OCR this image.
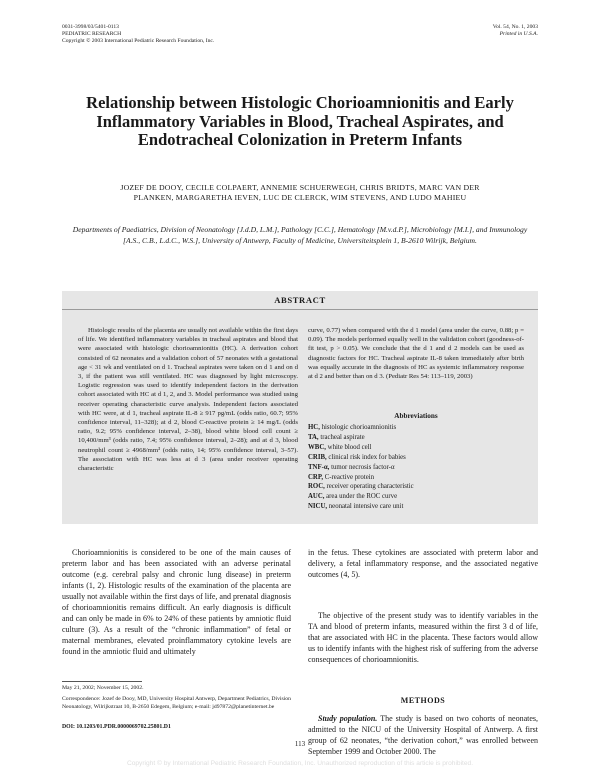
0031-3998/03/5401-0113
PEDIATRIC RESEARCH
Copyright © 2003 International Pediatric Research Foundation, Inc.
Vol. 54, No. 1, 2003
Printed in U.S.A.
Relationship between Histologic Chorioamnionitis and Early Inflammatory Variables in Blood, Tracheal Aspirates, and Endotracheal Colonization in Preterm Infants
JOZEF DE DOOY, CECILE COLPAERT, ANNEMIE SCHUERWEGH, CHRIS BRIDTS, MARC VAN DER PLANKEN, MARGARETHA IEVEN, LUC DE CLERCK, WIM STEVENS, AND LUDO MAHIEU
Departments of Paediatrics, Division of Neonatology [J.d.D, L.M.], Pathology [C.C.], Hematology [M.v.d.P.], Microbiology [M.I.], and Immunology [A.S., C.B., L.d.C., W.S.], University of Antwerp, Faculty of Medicine, Universiteitsplein 1, B-2610 Wilrijk, Belgium.
ABSTRACT
Histologic results of the placenta are usually not available within the first days of life. We identified inflammatory variables in tracheal aspirates and blood that were associated with histologic chorioamnionitis (HC). A derivation cohort consisted of 62 neonates and a validation cohort of 57 neonates with a gestational age < 31 wk and ventilated on d 1. Tracheal aspirates were taken on d 1 and on d 3, if the patient was still ventilated. HC was diagnosed by light microscopy. Logistic regression was used to identify independent factors in the derivation cohort associated with HC at d 1, 2, and 3. Model performance was studied using receiver operating characteristic curve analysis. Independent factors associated with HC were, at d 1, tracheal aspirate IL-8 ≥ 917 pg/mL (odds ratio, 60.7; 95% confidence interval, 11–328); at d 2, blood C-reactive protein ≥ 14 mg/L (odds ratio, 9.2; 95% confidence interval, 2–38), blood white blood cell count ≥ 10,400/mm³ (odds ratio, 7.4; 95% confidence interval, 2–28); and at d 3, blood neutrophil count ≥ 4968/mm³ (odds ratio, 14; 95% confidence interval, 3–57). The association with HC was less at d 3 (area under receiver operating characteristic
curve, 0.77) when compared with the d 1 model (area under the curve, 0.88; p = 0.09). The models performed equally well in the validation cohort (goodness-of-fit test, p > 0.05). We conclude that the d 1 and d 2 models can be used as diagnostic factors for HC. Tracheal aspirate IL-8 taken immediately after birth was equally accurate in the diagnosis of HC as systemic inflammatory response at d 2 and better than on d 3. (Pediatr Res 54: 113–119, 2003)
Abbreviations
HC, histologic chorioamnionitis
TA, tracheal aspirate
WBC, white blood cell
CRIB, clinical risk index for babies
TNF-α, tumor necrosis factor-α
CRP, C-reactive protein
ROC, receiver operating characteristic
AUC, area under the ROC curve
NICU, neonatal intensive care unit
Chorioamnionitis is considered to be one of the main causes of preterm labor and has been associated with an adverse perinatal outcome (e.g. cerebral palsy and chronic lung disease) in preterm infants (1, 2). Histologic results of the examination of the placenta are usually not available within the first days of life, and prenatal diagnosis of chorioamnionitis remains difficult. An early diagnosis is difficult and can only be made in 6% to 24% of these patients by amniotic fluid culture (3). As a result of the “chronic inflammation” of fetal or maternal membranes, elevated proinflammatory cytokine levels are found in the amniotic fluid and ultimately
in the fetus. These cytokines are associated with preterm labor and delivery, a fetal inflammatory response, and the associated negative outcomes (4, 5).
The objective of the present study was to identify variables in the TA and blood of preterm infants, measured within the first 3 d of life, that are associated with HC in the placenta. These factors would allow us to identify infants with the highest risk of suffering from the adverse consequences of chorioamnionitis.
METHODS
Study population. The study is based on two cohorts of neonates, admitted to the NICU of the University Hospital of Antwerp. A first group of 62 neonates, “the derivation cohort,” was enrolled between September 1999 and October 2000. The
May 21, 2002; November 15, 2002.
Correspondence: Jozef de Dooy, MD, University Hospital Antwerp, Department Pediatrics, Division Neonatology, Wilrijkstraat 10, B-2650 Edegem, Belgium; e-mail: jd97872@planetinternet.be
DOI: 10.1203/01.PDR.0000069702.25801.D1
113
Copyright © by International Pediatric Research Foundation, Inc. Unauthorized reproduction of this article is prohibited.
